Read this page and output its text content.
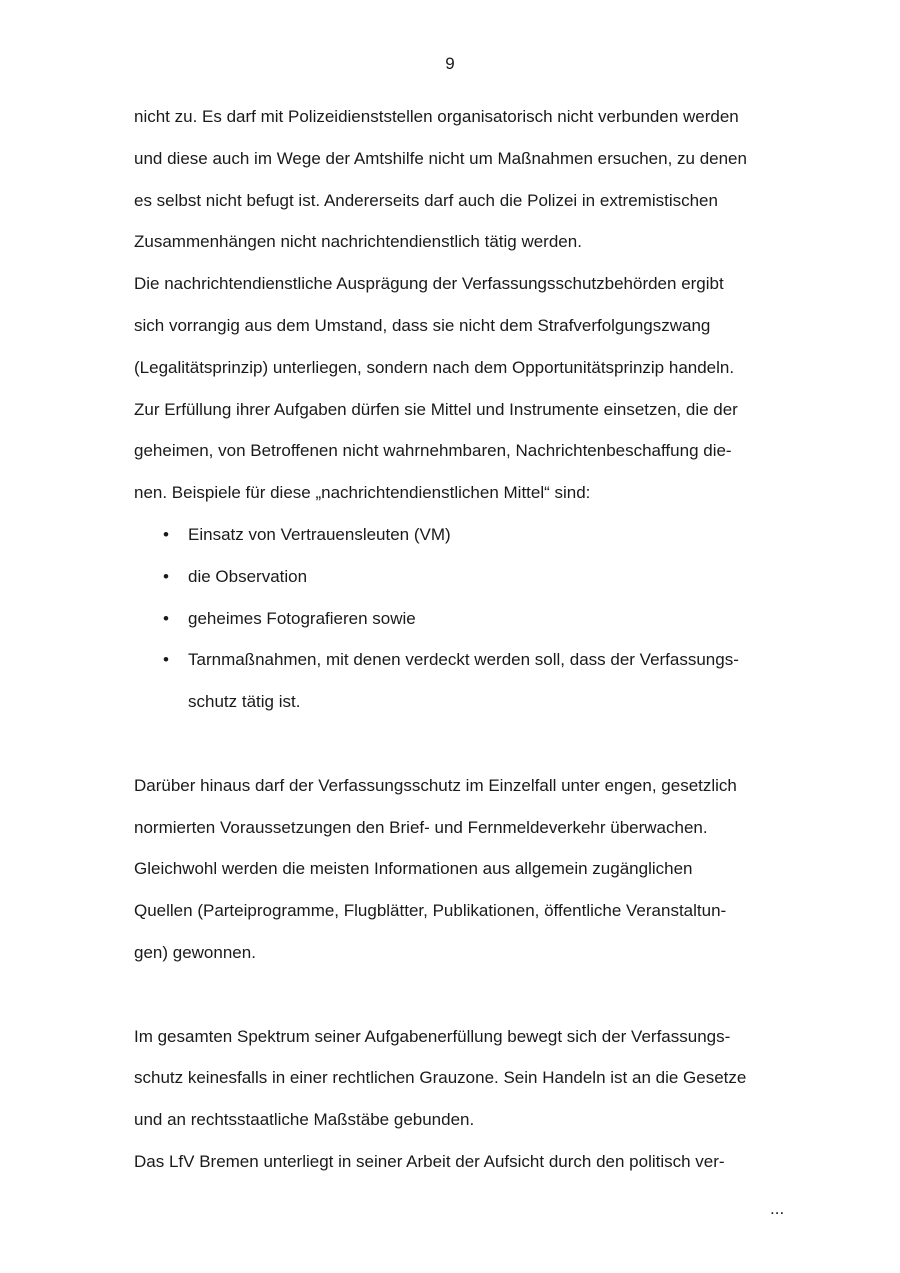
9
nicht zu. Es darf mit Polizeidienststellen organisatorisch nicht verbunden werden
und diese auch im Wege der Amtshilfe nicht um Maßnahmen ersuchen, zu denen
es selbst nicht befugt ist. Andererseits darf auch die Polizei in extremistischen
Zusammenhängen nicht nachrichtendienstlich tätig werden.
Die nachrichtendienstliche Ausprägung der Verfassungsschutzbehörden ergibt
sich vorrangig aus dem Umstand, dass sie nicht dem Strafverfolgungszwang
(Legalitätsprinzip) unterliegen, sondern nach dem Opportunitätsprinzip handeln.
Zur Erfüllung ihrer Aufgaben dürfen sie Mittel und Instrumente einsetzen, die der
geheimen, von Betroffenen nicht wahrnehmbaren, Nachrichtenbeschaffung die-
nen. Beispiele für diese „nachrichtendienstlichen Mittel“ sind:
• Einsatz von Vertrauensleuten (VM)
• die Observation
• geheimes Fotografieren sowie
• Tarnmaßnahmen, mit denen verdeckt werden soll, dass der Verfassungs-
schutz tätig ist.
Darüber hinaus darf der Verfassungsschutz im Einzelfall unter engen, gesetzlich
normierten Voraussetzungen den Brief- und Fernmeldeverkehr überwachen.
Gleichwohl werden die meisten Informationen aus allgemein zugänglichen
Quellen (Parteiprogramme, Flugblätter, Publikationen, öffentliche Veranstaltun-
gen) gewonnen.
Im gesamten Spektrum seiner Aufgabenerfüllung bewegt sich der Verfassungs-
schutz keinesfalls in einer rechtlichen Grauzone. Sein Handeln ist an die Gesetze
und an rechtsstaatliche Maßstäbe gebunden.
Das LfV Bremen unterliegt in seiner Arbeit der Aufsicht durch den politisch ver-
...
